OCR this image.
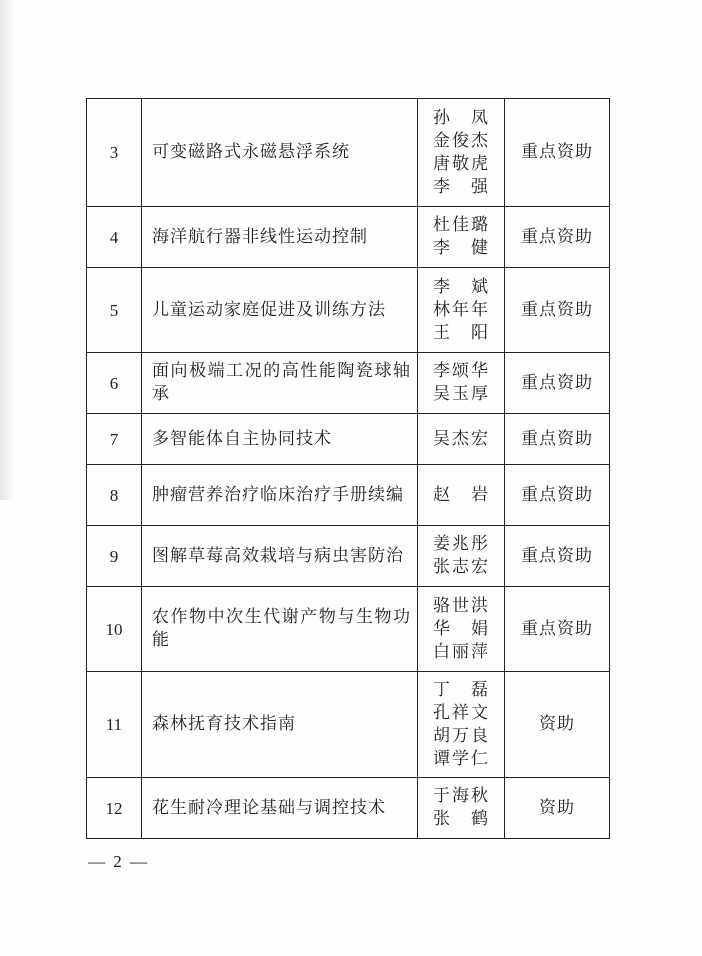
3	可变磁路式永磁悬浮系统	孙　凤
金俊杰
唐敬虎
李　强	重点资助
4	海洋航行器非线性运动控制	杜佳璐
李　健	重点资助
5	儿童运动家庭促进及训练方法	李　斌
林年年
王　阳	重点资助
6	面向极端工况的高性能陶瓷球轴承	李颂华
吴玉厚	重点资助
7	多智能体自主协同技术	吴杰宏	重点资助
8	肿瘤营养治疗临床治疗手册续编	赵　岩	重点资助
9	图解草莓高效栽培与病虫害防治	姜兆彤
张志宏	重点资助
10	农作物中次生代谢产物与生物功能	骆世洪
华　娟
白丽萍	重点资助
11	森林抚育技术指南	丁　磊
孔祥文
胡万良
谭学仁	资助
12	花生耐冷理论基础与调控技术	于海秋
张　鹤	资助
— 2 —
